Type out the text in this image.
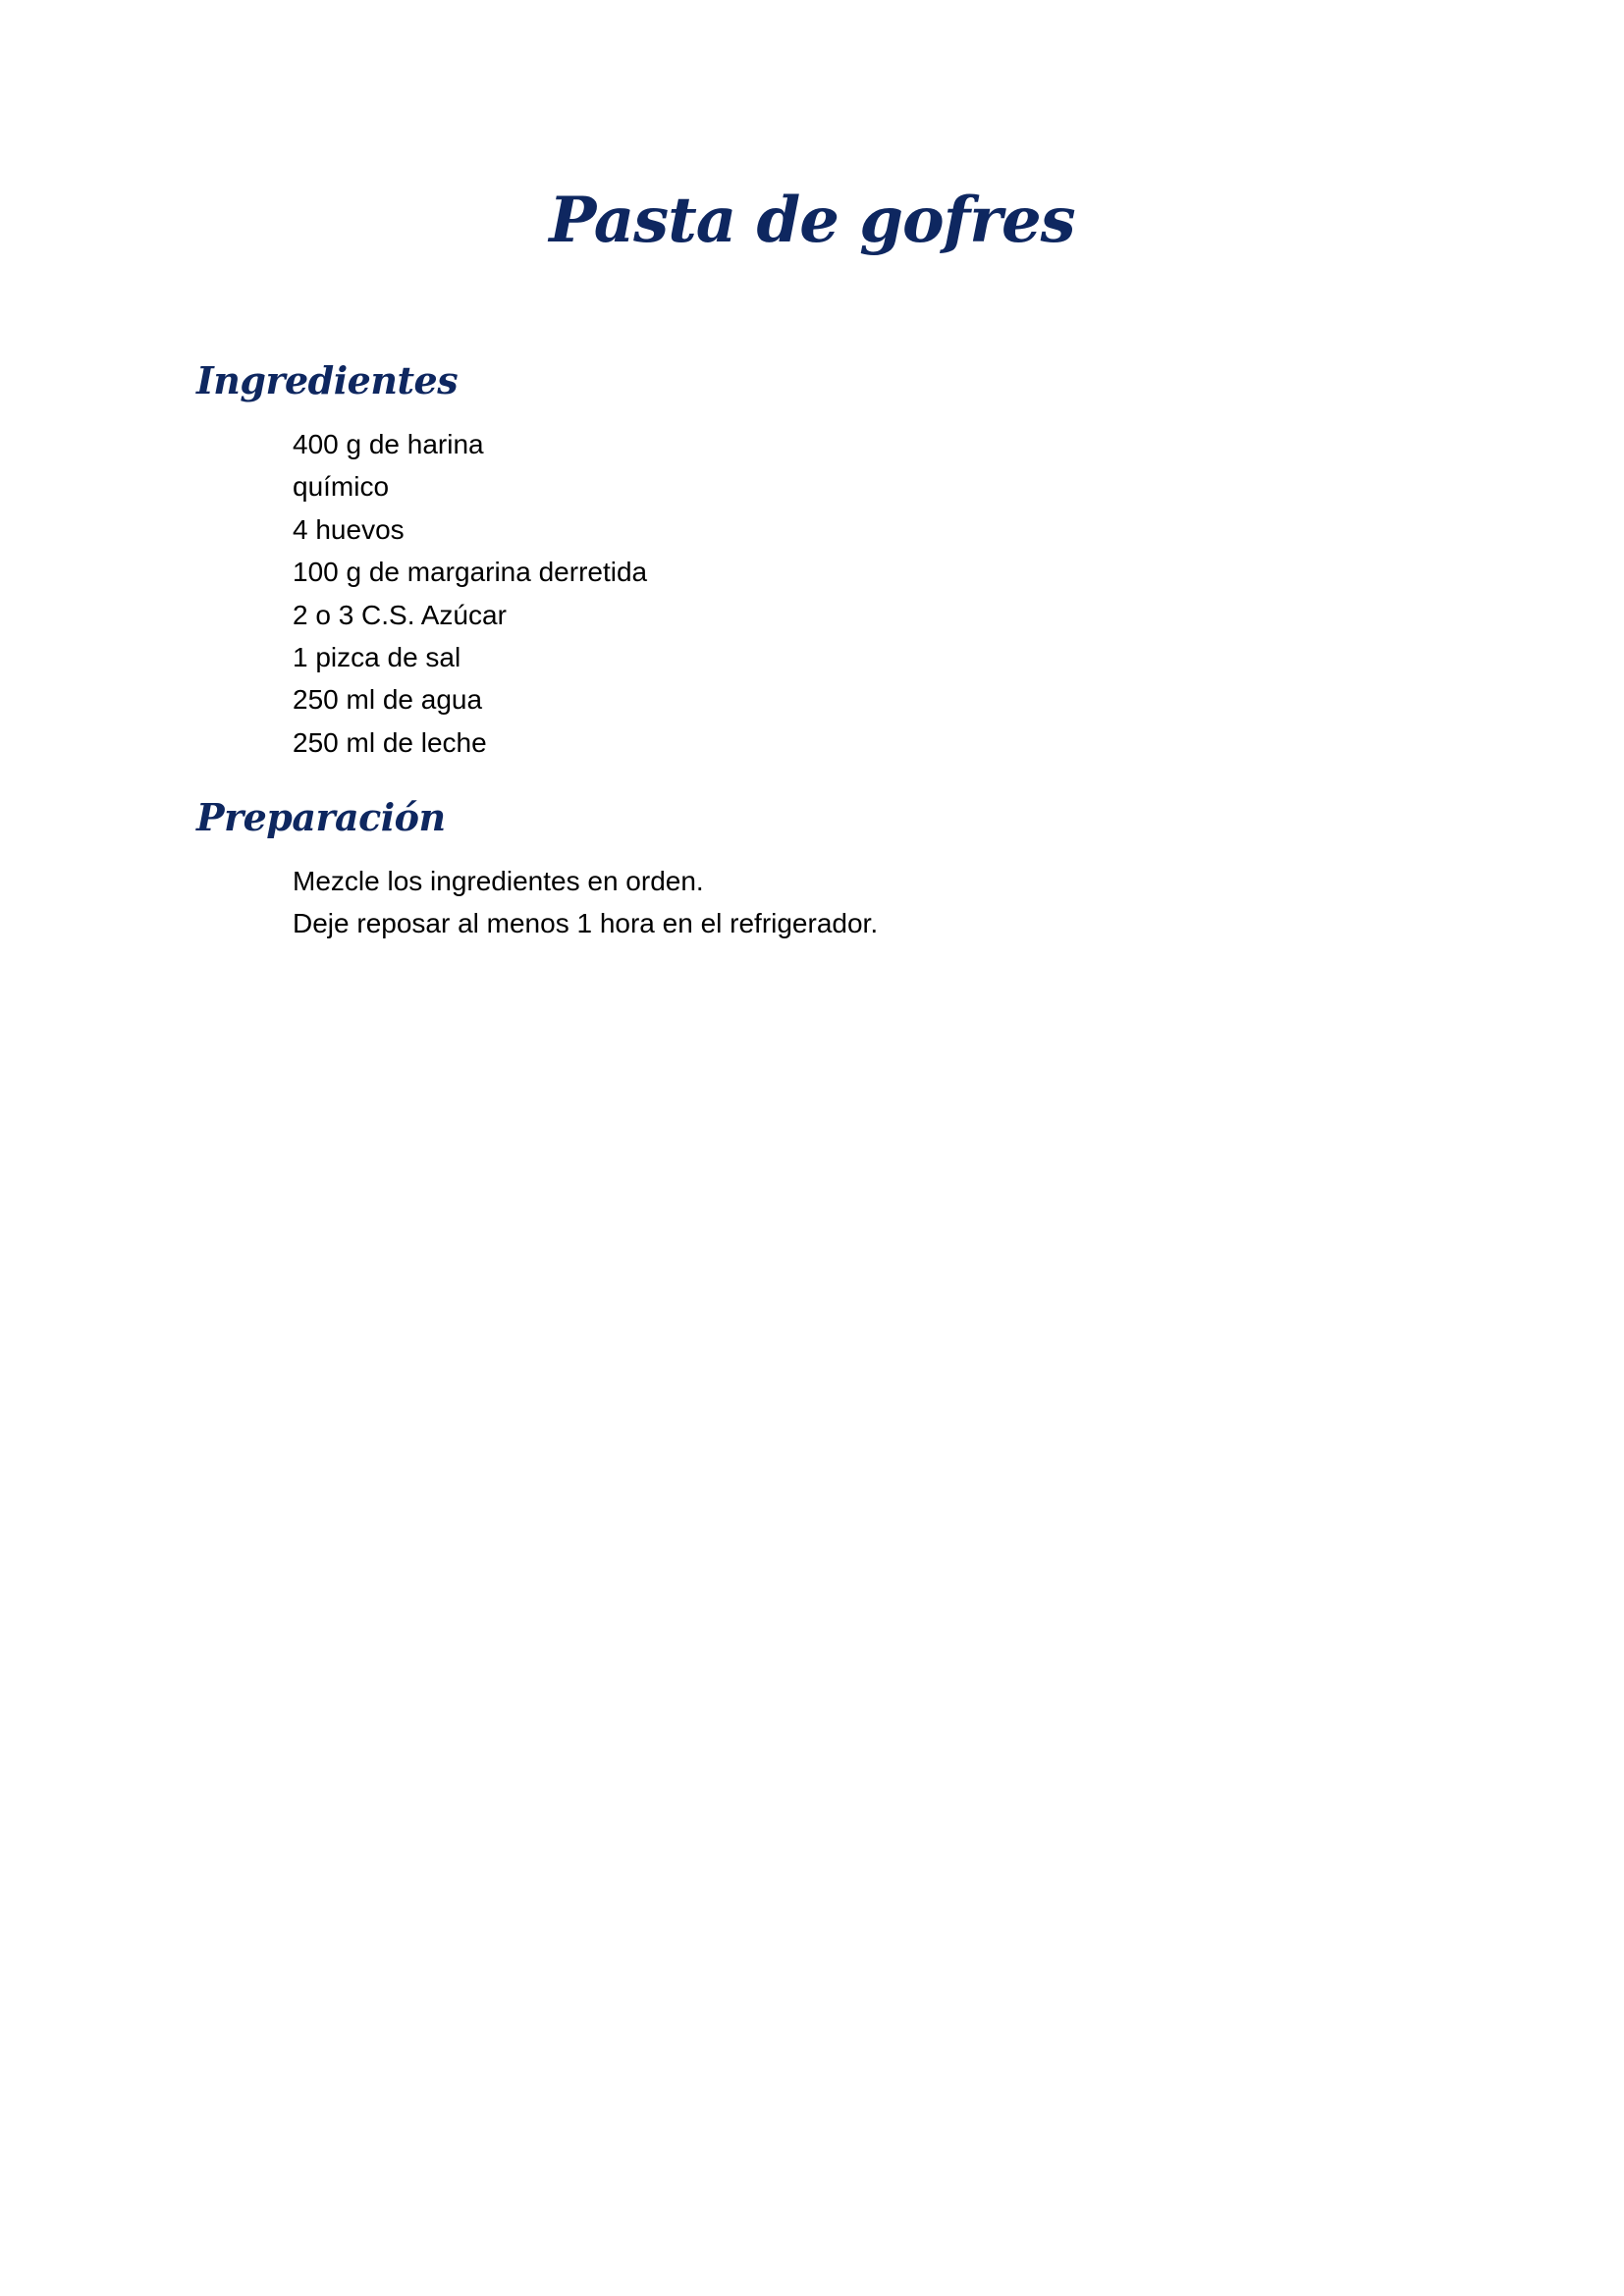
Pasta de gofres
Ingredientes
400 g de harina
químico
4 huevos
100 g de margarina derretida
2 o 3 C.S. Azúcar
1 pizca de sal
250 ml de agua
250 ml de leche
Preparación
Mezcle los ingredientes en orden.
Deje reposar al menos 1 hora en el refrigerador.
